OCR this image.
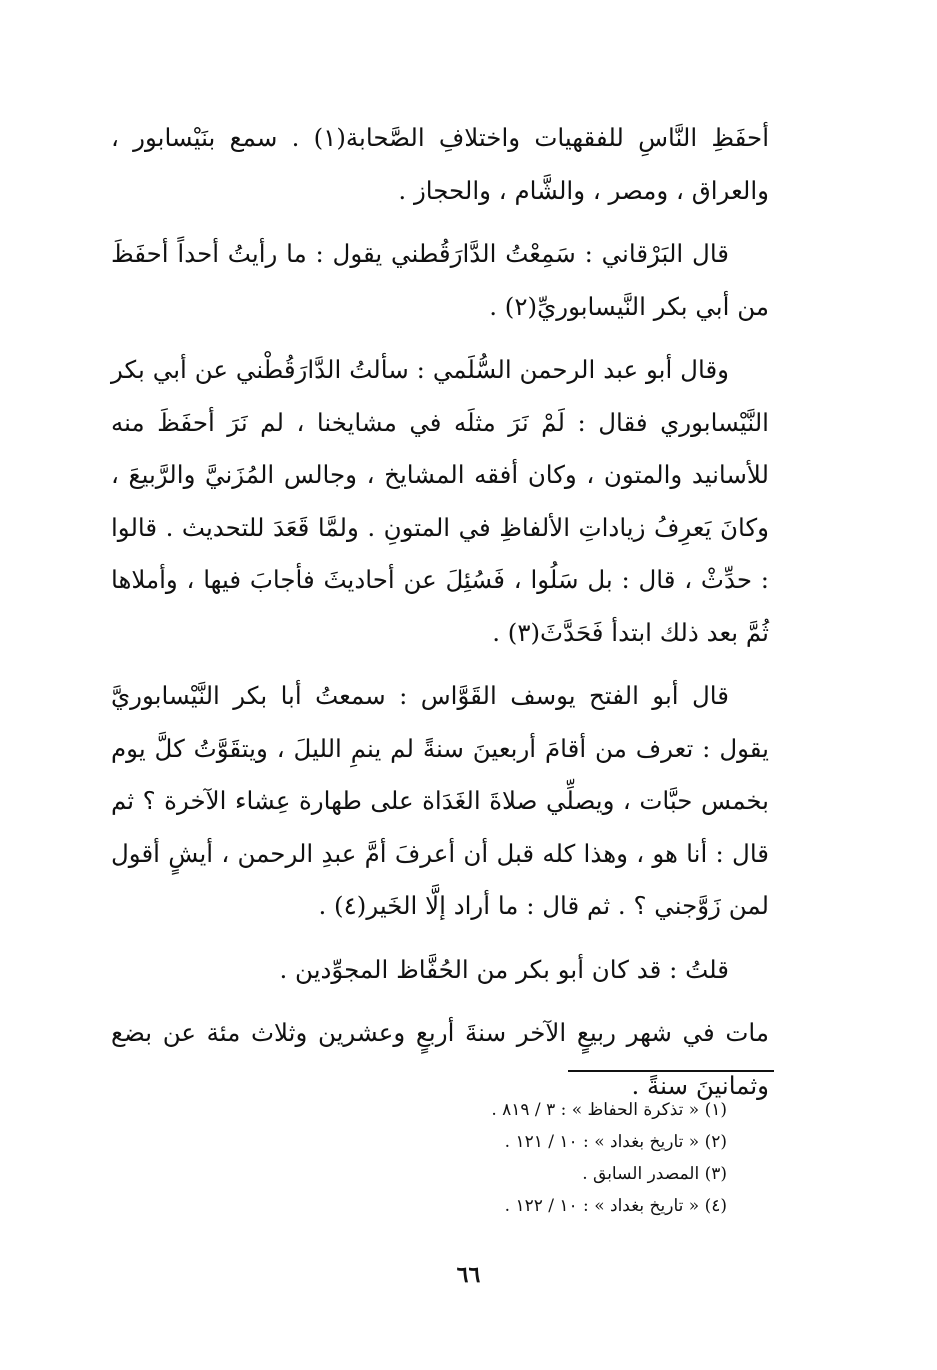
أحفَظِ النَّاسِ للفقهيات واختلافِ الصَّحابة(١) . سمع بنَيْسابور ، والعراق ، ومصر ، والشَّام ، والحجاز .

قال البَرْقاني : سَمِعْتُ الدَّارَقُطني يقول : ما رأيتُ أحداً أحفَظَ من أبي بكر النَّيسابوريِّ(٢) .

وقال أبو عبد الرحمن السُّلَمي : سألتُ الدَّارَقُطْني عن أبي بكر النَّيْسابوري فقال : لَمْ نَرَ مثلَه في مشايخنا ، لم نَرَ أحفَظَ منه للأسانيد والمتون ، وكان أفقه المشايخ ، وجالس المُزَنيَّ والرَّبيعَ ، وكانَ يَعرِفُ زياداتِ الألفاظِ في المتونِ . ولمَّا قَعَدَ للتحديث . قالوا : حدِّثْ ، قال : بل سَلُوا ، فَسُئِلَ عن أحاديثَ فأجابَ فيها ، وأملاها ثُمَّ بعد ذلك ابتدأ فَحَدَّثَ(٣) .

قال أبو الفتح يوسف القَوَّاس : سمعتُ أبا بكر النَّيْسابوريَّ يقول : تعرف من أقامَ أربعينَ سنةً لم ينمِ الليلَ ، ويتقَوَّتُ كلَّ يوم بخمس حبَّات ، ويصلِّي صلاةَ الغَدَاة على طهارة عِشاء الآخرة ؟ ثم قال : أنا هو ، وهذا كله قبل أن أعرفَ أمَّ عبدِ الرحمن ، أيشٍ أقول لمن زَوَّجني ؟ . ثم قال : ما أراد إلَّا الخَير(٤) .

قلتُ : قد كان أبو بكر من الحُفَّاظ المجوِّدين .

مات في شهر ربيعٍ الآخر سنةَ أربعٍ وعشرين وثلاث مئة عن بضع وثمانينَ سنةً .

(١) « تذكرة الحفاظ » : ٣ / ٨١٩ .
(٢) « تاريخ بغداد » : ١٠ / ١٢١ .
(٣) المصدر السابق .
(٤) « تاريخ بغداد » : ١٠ / ١٢٢ .
٦٦
